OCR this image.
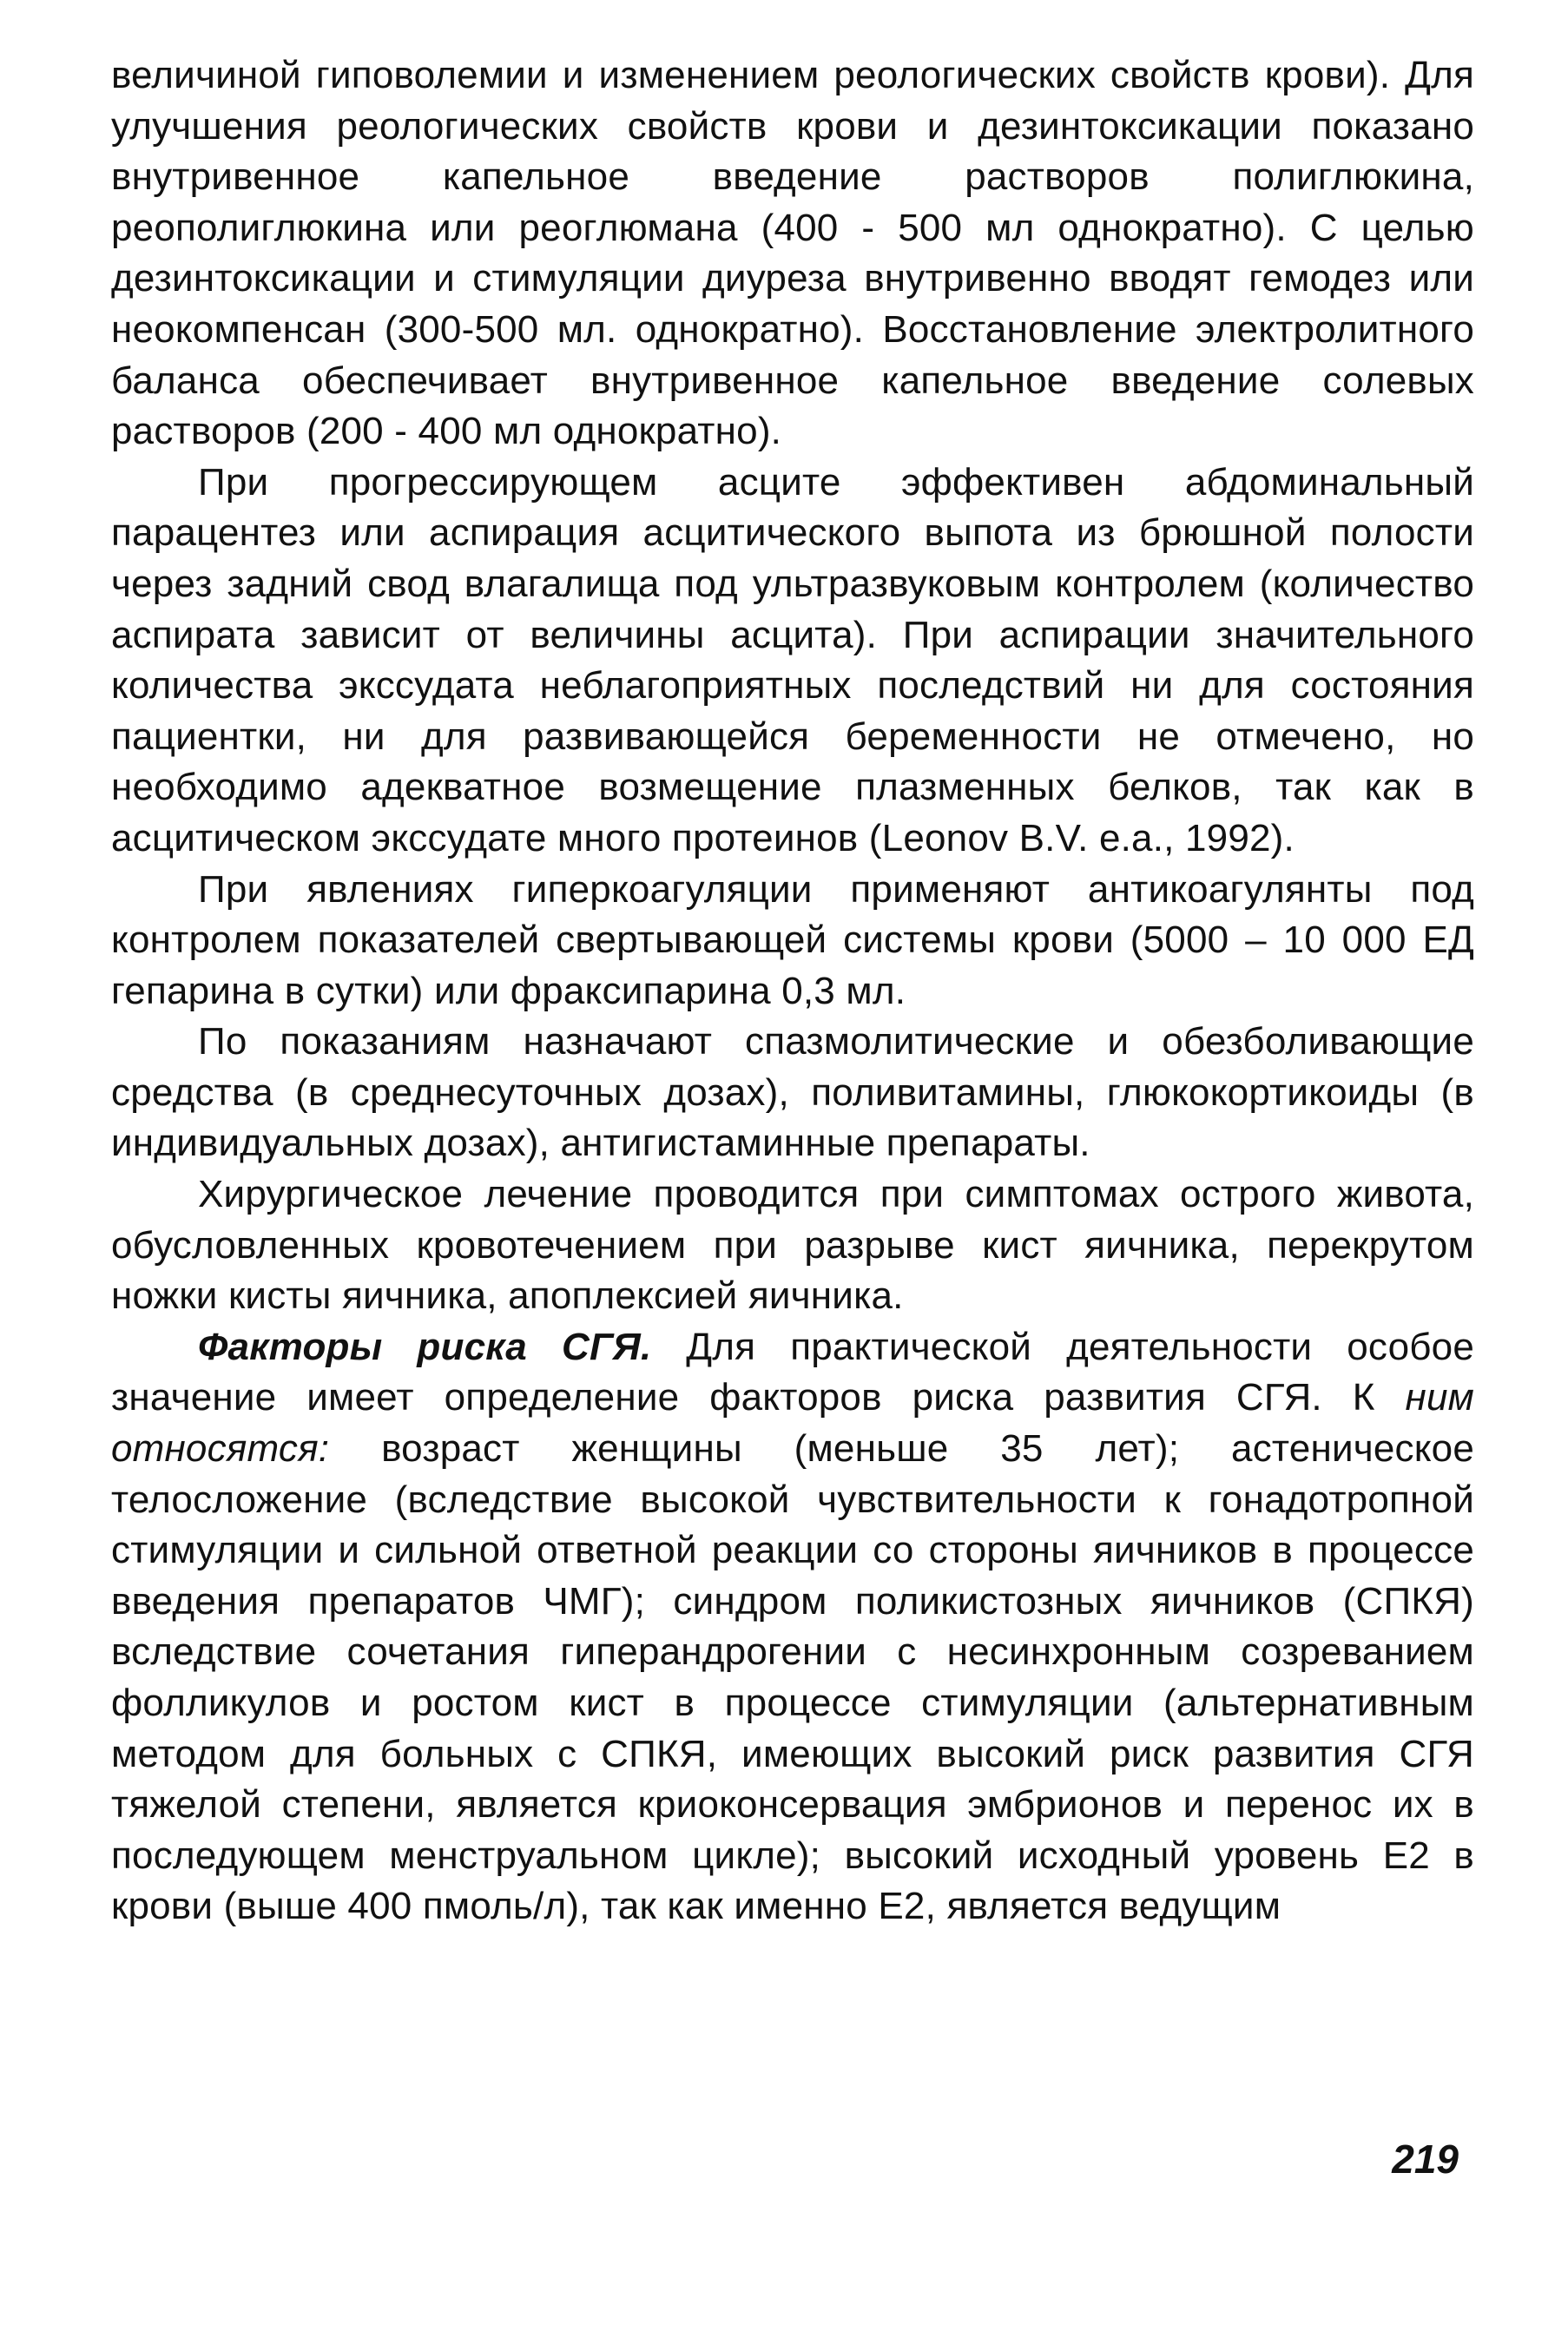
величиной гиповолемии и изменением реологических свойств крови). Для улучшения реологических свойств крови и дезинтоксикации показано внутривенное капельное введение растворов полиглюкина, реополиглюкина или реоглюмана (400 - 500 мл однократно). С целью дезинтоксикации и стимуляции диуреза внутривенно вводят гемодез или неокомпенсан (300-500 мл. однократно). Восстановление электролитного баланса обеспечивает внутривенное капельное введение солевых растворов (200 - 400 мл однократно).

При прогрессирующем асците эффективен абдоминальный парацентез или аспирация асцитического выпота из брюшной полости через задний свод влагалища под ультразвуковым контролем (количество аспирата зависит от величины асцита). При аспирации значительного количества экссудата неблагоприятных последствий ни для состояния пациентки, ни для развивающейся беременности не отмечено, но необходимо адекватное возмещение плазменных белков, так как в асцитическом экссудате много протеинов (Leonov B.V. e.a., 1992).

При явлениях гиперкоагуляции применяют антикоагулянты под контролем показателей свертывающей системы крови (5000 – 10 000 ЕД гепарина в сутки) или фраксипарина 0,3 мл.

По показаниям назначают спазмолитические и обезболивающие средства (в среднесуточных дозах), поливитамины, глюкокортикоиды (в индивидуальных дозах), антигистаминные препараты.

Хирургическое лечение проводится при симптомах острого живота, обусловленных кровотечением при разрыве кист яичника, перекрутом ножки кисты яичника, апоплексией яичника.

Факторы риска СГЯ. Для практической деятельности особое значение имеет определение факторов риска развития СГЯ. К ним относятся: возраст женщины (меньше 35 лет); астеническое телосложение (вследствие высокой чувствительности к гонадотропной стимуляции и сильной ответной реакции со стороны яичников в процессе введения препаратов ЧМГ); синдром поликистозных яичников (СПКЯ) вследствие сочетания гиперандрогении с несинхронным созреванием фолликулов и ростом кист в процессе стимуляции (альтернативным методом для больных с СПКЯ, имеющих высокий риск развития СГЯ тяжелой степени, является криоконсервация эмбрионов и перенос их в последующем менструальном цикле); высокий исходный уровень Е2 в крови (выше 400 пмоль/л), так как именно Е2, является ведущим

219
